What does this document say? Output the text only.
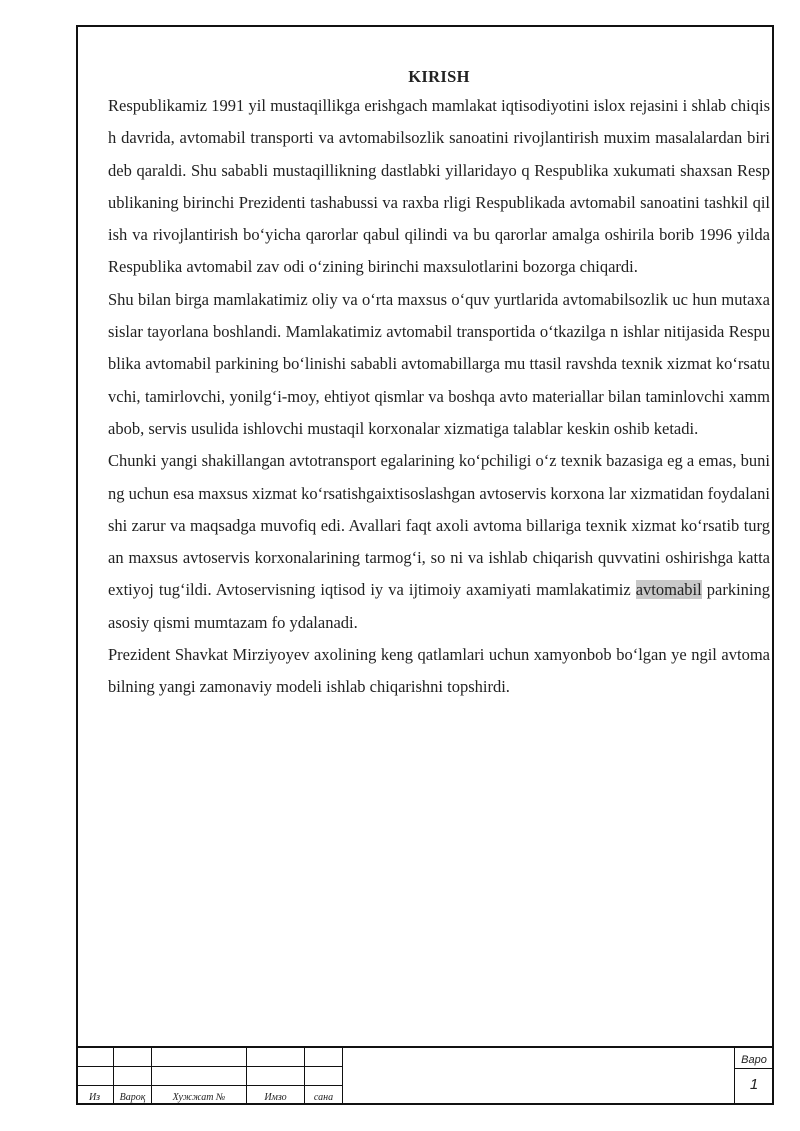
KIRISH

Respublikamiz 1991 yil mustaqillikga erishgach mamlakat iqtisodiyotini islox rejasini i shlab chiqish davrida, avtomabil transporti va avtomabilsozlik sanoatini rivojlantirish muxim masalalardan biri deb qaraldi. Shu sababli mustaqillikning dastlabki yillaridayo q Respublika xukumati shaxsan Respublikaning birinchi Prezidenti tashabussi va raxba rligi Respublikada avtomabil sanoatini tashkil qilish va rivojlantirish bo‘yicha qarorlar qabul qilindi va bu qarorlar amalga oshirila borib 1996 yilda Respublika avtomabil zav odi o‘zining birinchi maxsulotlarini bozorga chiqardi.

Shu bilan birga mamlakatimiz oliy va o‘rta maxsus o‘quv yurtlarida avtomabilsozlik uc hun mutaxasislar tayorlana boshlandi. Mamlakatimiz avtomabil transportida o‘tkazilga n ishlar nitijasida Respublika avtomabil parkining bo‘linishi sababli avtomabillarga mu ttasil ravshda texnik xizmat ko‘rsatuvchi, tamirlovchi, yonilg‘i-moy, ehtiyot qismlar va boshqa avto materiallar bilan taminlovchi xammabob, servis usulida ishlovchi mustaqil korxonalar xizmatiga talablar keskin oshib ketadi.

Chunki yangi shakillangan avtotransport egalarining ko‘pchiligi o‘z texnik bazasiga eg a emas, buning uchun esa maxsus xizmat ko‘rsatishgaixtisoslashgan avtoservis korxona lar xizmatidan foydalanishi zarur va maqsadga muvofiq edi. Avallari faqt axoli avtoma billariga texnik xizmat ko‘rsatib turgan maxsus avtoservis korxonalarining tarmog‘i, so ni va ishlab chiqarish quvvatini oshirishga katta extiyoj tug‘ildi. Avtoservisning iqtisod iy va ijtimoiy axamiyati mamlakatimiz avtomabil parkining asosiy qismi mumtazam fo ydalanadi.

Prezident Shavkat Mirziyoyev axolining keng qatlamlari uchun xamyonbob bo‘lgan ye ngil avtomabilning yangi zamonaviy modeli ishlab chiqarishni topshirdi.

Из	Вароқ	Хужжат №	Имзо	сана
Варо
1
